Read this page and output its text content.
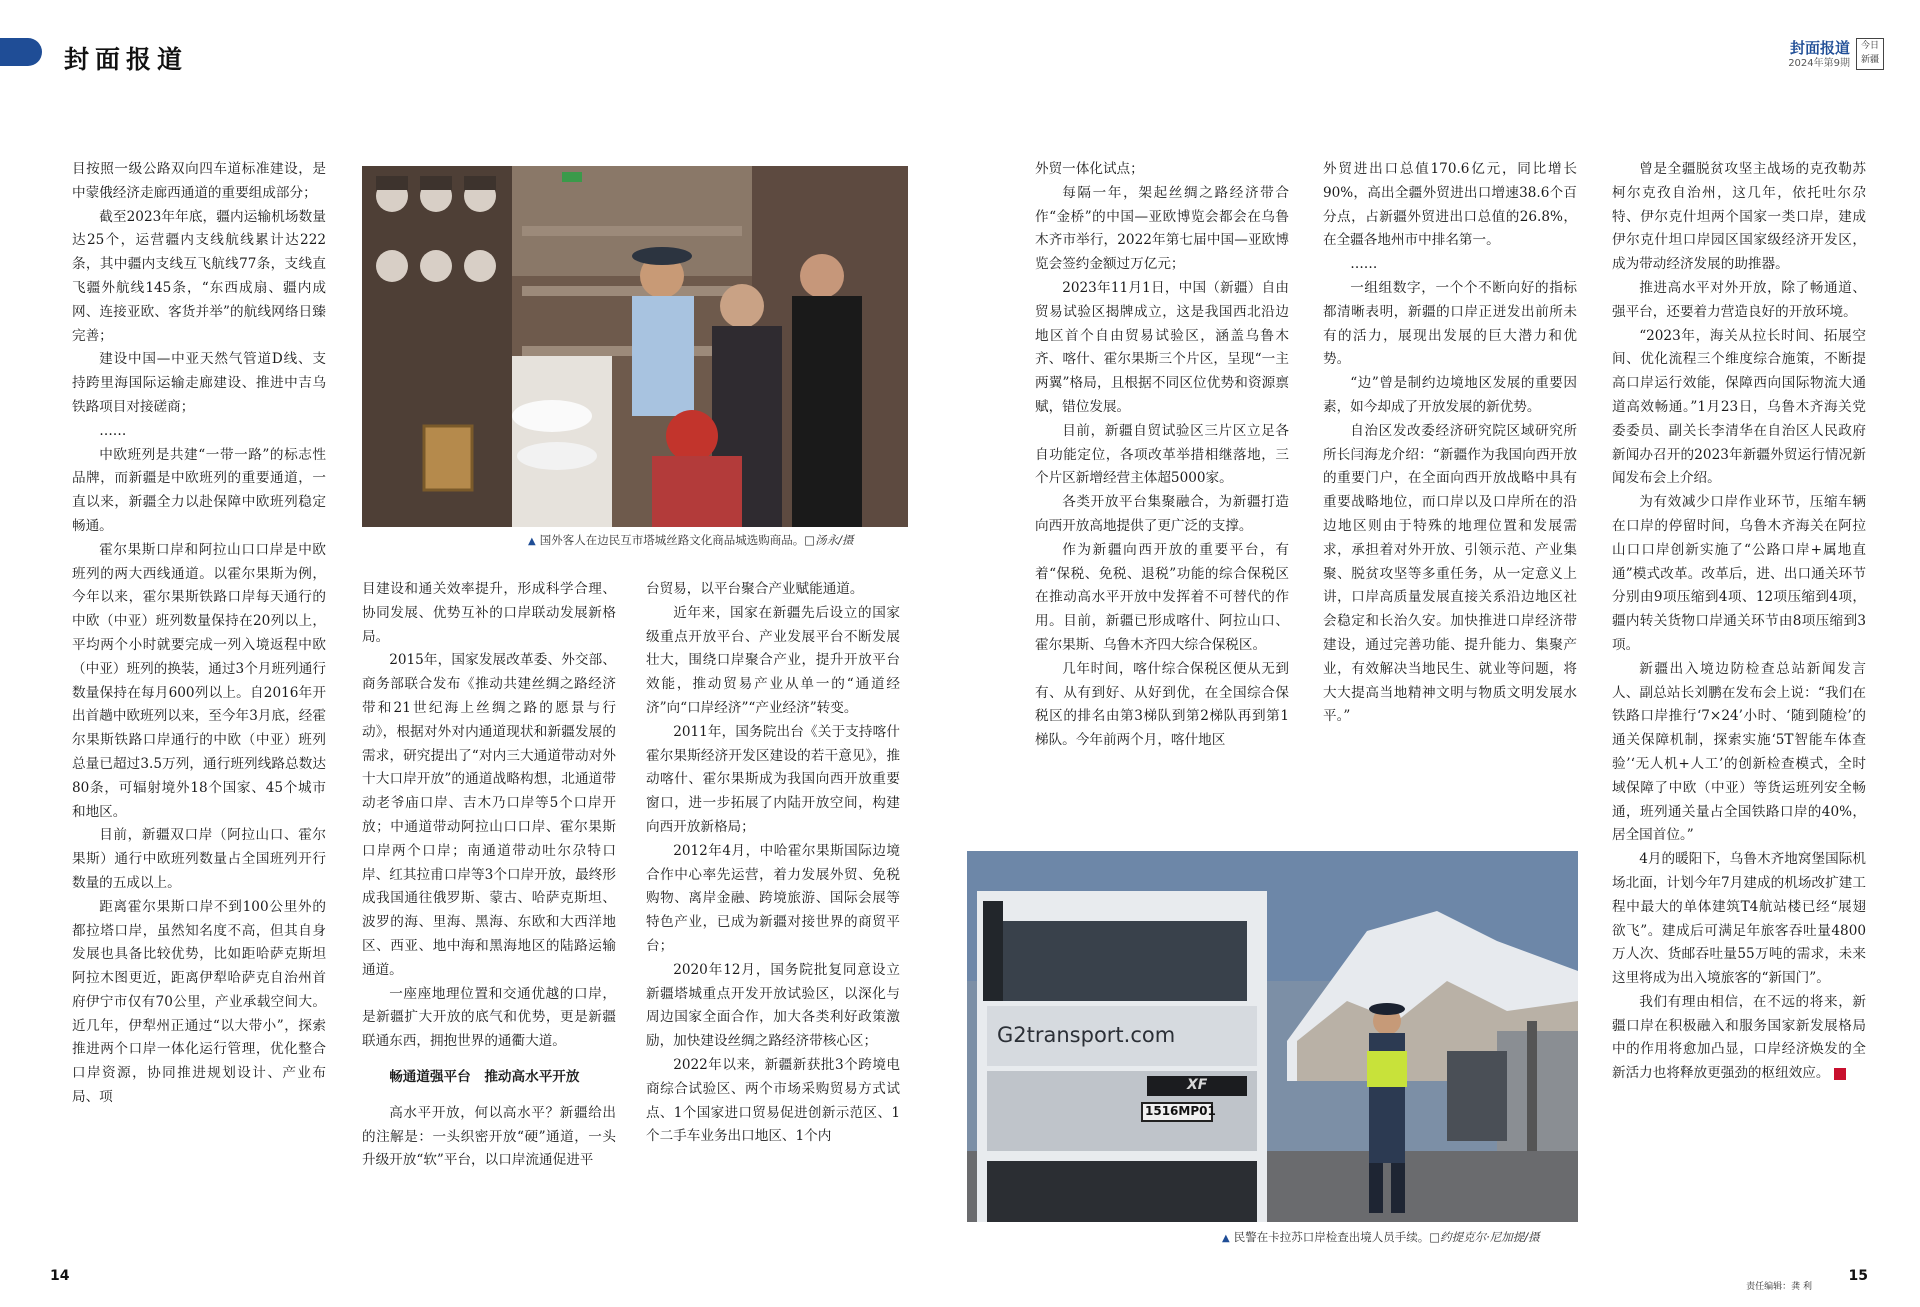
封面报道	封面报道
2024年第9期
今日
新疆

目按照一级公路双向四车道标准建设，是中蒙俄经济走廊西通道的重要组成部分；

截至2023年年底，疆内运输机场数量达25个，运营疆内支线航线累计达222条，其中疆内支线互飞航线77条，支线直飞疆外航线145条，“东西成扇、疆内成网、连接亚欧、客货并举”的航线网络日臻完善；

建设中国—中亚天然气管道D线、支持跨里海国际运输走廊建设、推进中吉乌铁路项目对接磋商；

……

中欧班列是共建“一带一路”的标志性品牌，而新疆是中欧班列的重要通道，一直以来，新疆全力以赴保障中欧班列稳定畅通。

霍尔果斯口岸和阿拉山口口岸是中欧班列的两大西线通道。以霍尔果斯为例，今年以来，霍尔果斯铁路口岸每天通行的中欧（中亚）班列数量保持在20列以上，平均两个小时就要完成一列入境返程中欧（中亚）班列的换装，通过3个月班列通行数量保持在每月600列以上。自2016年开出首趟中欧班列以来，至今年3月底，经霍尔果斯铁路口岸通行的中欧（中亚）班列总量已超过3.5万列，通行班列线路总数达80条，可辐射境外18个国家、45个城市和地区。

目前，新疆双口岸（阿拉山口、霍尔果斯）通行中欧班列数量占全国班列开行数量的五成以上。

距离霍尔果斯口岸不到100公里外的都拉塔口岸，虽然知名度不高，但其自身发展也具备比较优势，比如距哈萨克斯坦阿拉木图更近，距离伊犁哈萨克自治州首府伊宁市仅有70公里，产业承载空间大。近几年，伊犁州正通过“以大带小”，探索推进两个口岸一体化运行管理，优化整合口岸资源，协同推进规划设计、产业布局、项

▲ 国外客人在边民互市塔城丝路文化商品城选购商品。□汤永/摄

目建设和通关效率提升，形成科学合理、协同发展、优势互补的口岸联动发展新格局。

2015年，国家发展改革委、外交部、商务部联合发布《推动共建丝绸之路经济带和21世纪海上丝绸之路的愿景与行动》，根据对外对内通道现状和新疆发展的需求，研究提出了“对内三大通道带动对外十大口岸开放”的通道战略构想，北通道带动老爷庙口岸、吉木乃口岸等5个口岸开放；中通道带动阿拉山口口岸、霍尔果斯口岸两个口岸；南通道带动吐尔尕特口岸、红其拉甫口岸等3个口岸开放，最终形成我国通往俄罗斯、蒙古、哈萨克斯坦、波罗的海、里海、黑海、东欧和大西洋地区、西亚、地中海和黑海地区的陆路运输通道。

一座座地理位置和交通优越的口岸，是新疆扩大开放的底气和优势，更是新疆联通东西，拥抱世界的通衢大道。

畅通道强平台　推动高水平开放

高水平开放，何以高水平？新疆给出的注解是：一头织密开放“硬”通道，一头升级开放“软”平台，以口岸流通促进平

台贸易，以平台聚合产业赋能通道。

近年来，国家在新疆先后设立的国家级重点开放平台、产业发展平台不断发展壮大，围绕口岸聚合产业，提升开放平台效能，推动贸易产业从单一的“通道经济”向“口岸经济”“产业经济”转变。

2011年，国务院出台《关于支持喀什霍尔果斯经济开发区建设的若干意见》，推动喀什、霍尔果斯成为我国向西开放重要窗口，进一步拓展了内陆开放空间，构建向西开放新格局；

2012年4月，中哈霍尔果斯国际边境合作中心率先运营，着力发展外贸、免税购物、离岸金融、跨境旅游、国际会展等特色产业，已成为新疆对接世界的商贸平台；

2020年12月，国务院批复同意设立新疆塔城重点开发开放试验区，以深化与周边国家全面合作，加大各类利好政策激励，加快建设丝绸之路经济带核心区；

2022年以来，新疆新获批3个跨境电商综合试验区、两个市场采购贸易方式试点、1个国家进口贸易促进创新示范区、1个二手车业务出口地区、1个内

外贸一体化试点；

每隔一年，架起丝绸之路经济带合作“金桥”的中国—亚欧博览会都会在乌鲁木齐市举行，2022年第七届中国—亚欧博览会签约金额过万亿元；

2023年11月1日，中国（新疆）自由贸易试验区揭牌成立，这是我国西北沿边地区首个自由贸易试验区，涵盖乌鲁木齐、喀什、霍尔果斯三个片区，呈现“一主两翼”格局，且根据不同区位优势和资源禀赋，错位发展。

目前，新疆自贸试验区三片区立足各自功能定位，各项改革举措相继落地，三个片区新增经营主体超5000家。

各类开放平台集聚融合，为新疆打造向西开放高地提供了更广泛的支撑。

作为新疆向西开放的重要平台，有着“保税、免税、退税”功能的综合保税区在推动高水平开放中发挥着不可替代的作用。目前，新疆已形成喀什、阿拉山口、霍尔果斯、乌鲁木齐四大综合保税区。

几年时间，喀什综合保税区便从无到有、从有到好、从好到优，在全国综合保税区的排名由第3梯队到第2梯队再到第1梯队。今年前两个月，喀什地区

外贸进出口总值170.6亿元，同比增长90%，高出全疆外贸进出口增速38.6个百分点，占新疆外贸进出口总值的26.8%，在全疆各地州市中排名第一。

……

一组组数字，一个个不断向好的指标都清晰表明，新疆的口岸正迸发出前所未有的活力，展现出发展的巨大潜力和优势。

“边”曾是制约边境地区发展的重要因素，如今却成了开放发展的新优势。

自治区发改委经济研究院区域研究所所长闫海龙介绍：“新疆作为我国向西开放的重要门户，在全面向西开放战略中具有重要战略地位，而口岸以及口岸所在的沿边地区则由于特殊的地理位置和发展需求，承担着对外开放、引领示范、产业集聚、脱贫攻坚等多重任务，从一定意义上讲，口岸高质量发展直接关系沿边地区社会稳定和长治久安。加快推进口岸经济带建设，通过完善功能、提升能力、集聚产业，有效解决当地民生、就业等问题，将大大提高当地精神文明与物质文明发展水平。”

曾是全疆脱贫攻坚主战场的克孜勒苏柯尔克孜自治州，这几年，依托吐尔尕特、伊尔克什坦两个国家一类口岸，建成伊尔克什坦口岸园区国家级经济开发区，成为带动经济发展的助推器。

推进高水平对外开放，除了畅通道、强平台，还要着力营造良好的开放环境。

“2023年，海关从拉长时间、拓展空间、优化流程三个维度综合施策，不断提高口岸运行效能，保障西向国际物流大通道高效畅通。”1月23日，乌鲁木齐海关党委委员、副关长李清华在自治区人民政府新闻办召开的2023年新疆外贸运行情况新闻发布会上介绍。

为有效减少口岸作业环节，压缩车辆在口岸的停留时间，乌鲁木齐海关在阿拉山口口岸创新实施了“公路口岸+属地直通”模式改革。改革后，进、出口通关环节分别由9项压缩到4项、12项压缩到4项，疆内转关货物口岸通关环节由8项压缩到3项。

新疆出入境边防检查总站新闻发言人、副总站长刘鹏在发布会上说：“我们在铁路口岸推行‘7×24’小时、‘随到随检’的通关保障机制，探索实施‘5T智能车体查验’‘无人机+人工’的创新检查模式，全时域保障了中欧（中亚）等货运班列安全畅通，班列通关量占全国铁路口岸的40%，居全国首位。”

4月的暖阳下，乌鲁木齐地窝堡国际机场北面，计划今年7月建成的机场改扩建工程中最大的单体建筑T4航站楼已经“展翅欲飞”。建成后可满足年旅客吞吐量4800万人次、货邮吞吐量55万吨的需求，未来这里将成为出入境旅客的“新国门”。

我们有理由相信，在不远的将来，新疆口岸在积极融入和服务国家新发展格局中的作用将愈加凸显，口岸经济焕发的全新活力也将释放更强劲的枢纽效应。	J

G2transport.com
XF
1516MP01
▲ 民警在卡拉苏口岸检查出境人员手续。□约提克尔·尼加提/摄
14
责任编辑：龚 利
15
